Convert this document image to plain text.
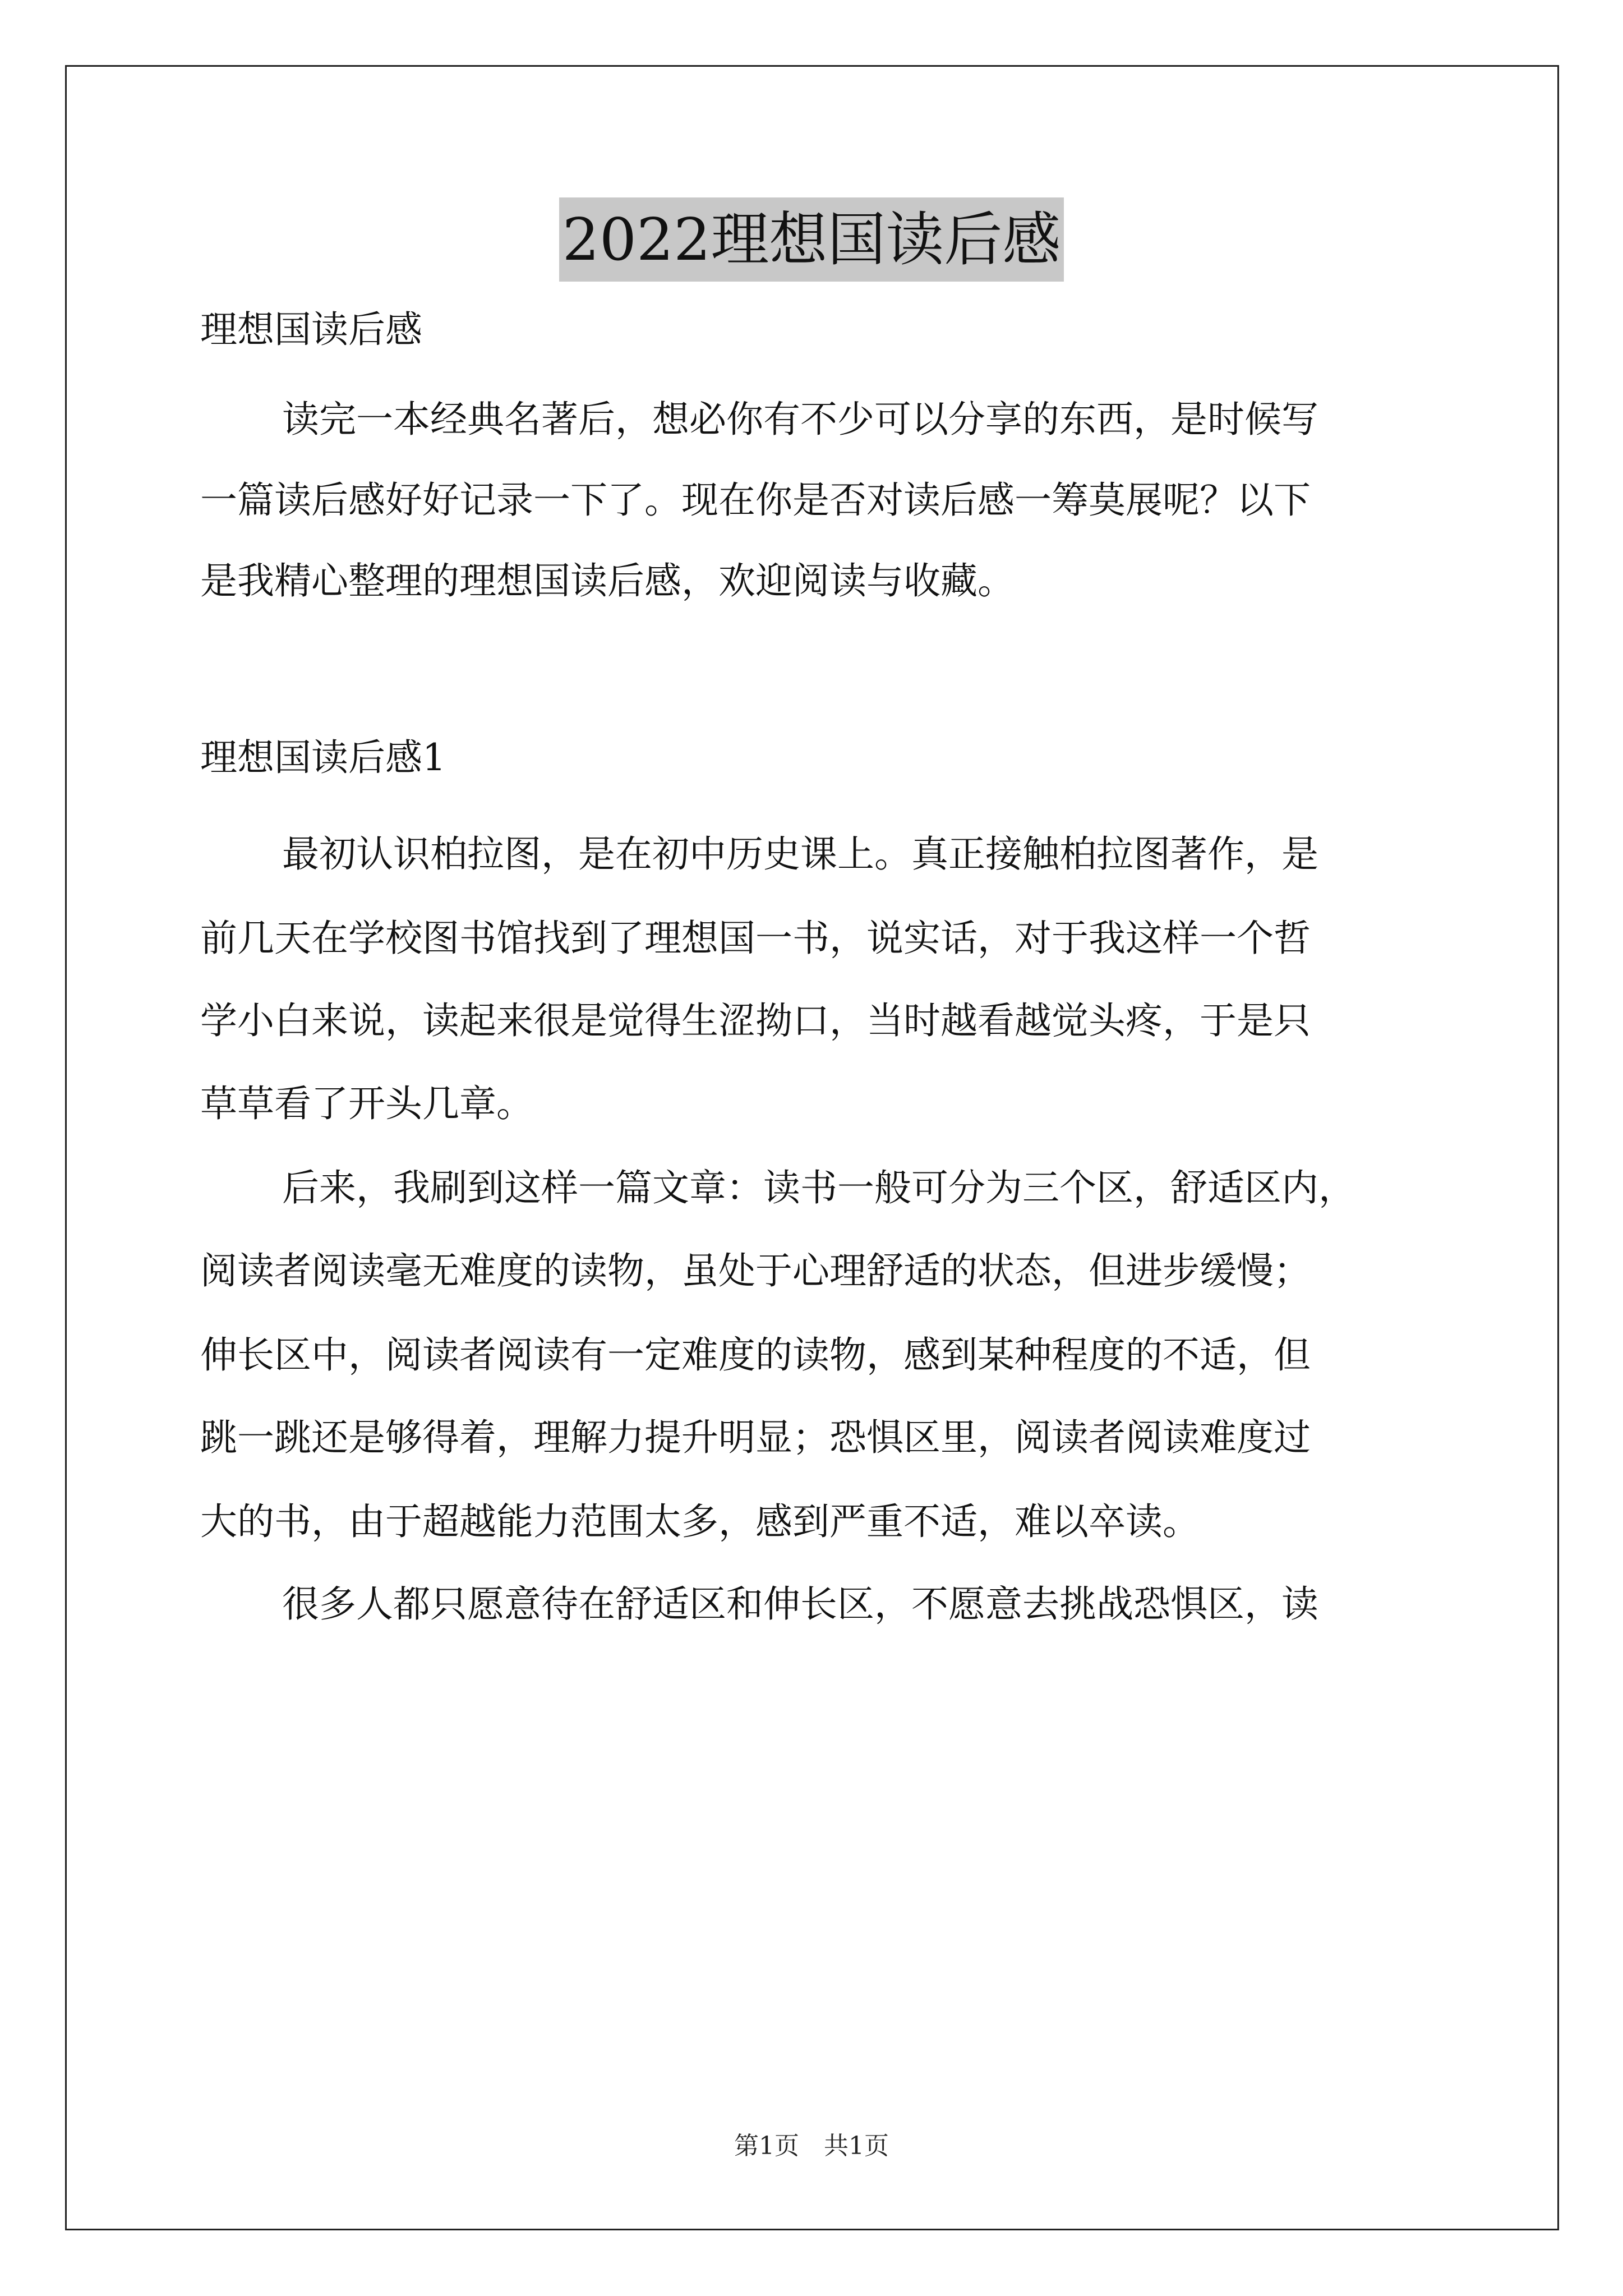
2022理想国读后感
理想国读后感
读完一本经典名著后，想必你有不少可以分享的东西，是时候写
一篇读后感好好记录一下了。现在你是否对读后感一筹莫展呢？以下
是我精心整理的理想国读后感，欢迎阅读与收藏。
理想国读后感1
最初认识柏拉图，是在初中历史课上。真正接触柏拉图著作，是
前几天在学校图书馆找到了理想国一书，说实话，对于我这样一个哲
学小白来说，读起来很是觉得生涩拗口，当时越看越觉头疼，于是只
草草看了开头几章。
后来，我刷到这样一篇文章：读书一般可分为三个区，舒适区内，
阅读者阅读毫无难度的读物，虽处于心理舒适的状态，但进步缓慢；
伸长区中，阅读者阅读有一定难度的读物，感到某种程度的不适，但
跳一跳还是够得着，理解力提升明显；恐惧区里，阅读者阅读难度过
大的书，由于超越能力范围太多，感到严重不适，难以卒读。
很多人都只愿意待在舒适区和伸长区，不愿意去挑战恐惧区，读
第1页　共1页
